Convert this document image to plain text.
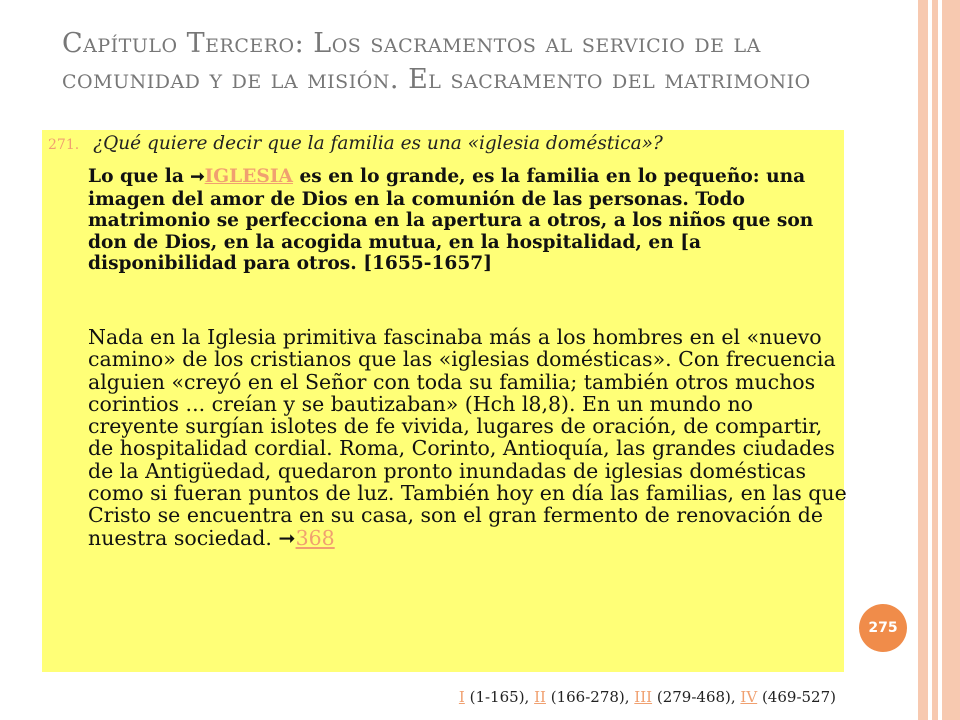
Capítulo Tercero: Los sacramentos al servicio de la comunidad y de la misión. El sacramento del matrimonio
271. ¿Qué quiere decir que la familia es una «iglesia doméstica»?
Lo que la ➞IGLESIA es en lo grande, es la familia en lo pequeño: una imagen del amor de Dios en la comunión de las personas. Todo matrimonio se perfecciona en la apertura a otros, a los niños que son don de Dios, en la acogida mutua, en la hospitalidad, en [a disponibilidad para otros. [1655-1657]
Nada en la Iglesia primitiva fascinaba más a los hombres en el «nuevo camino» de los cristianos que las «iglesias domésticas». Con frecuencia alguien «creyó en el Señor con toda su familia; también otros muchos corintios ... creían y se bautizaban» (Hch l8,8). En un mundo no creyente surgían islotes de fe vivida, lugares de oración, de compartir, de hospitalidad cordial. Roma, Corinto, Antioquía, las grandes ciudades de la Antigüedad, quedaron pronto inundadas de iglesias domésticas como si fueran puntos de luz. También hoy en día las familias, en las que Cristo se encuentra en su casa, son el gran fermento de renovación de nuestra sociedad. ➞368
275
I (1-165), II (166-278), III (279-468), IV (469-527)
